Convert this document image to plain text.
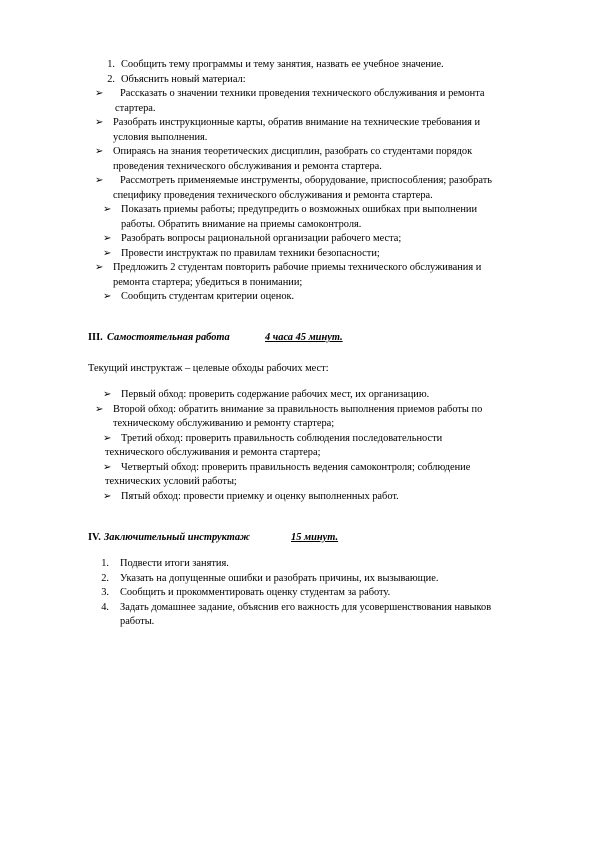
1. Сообщить тему программы и тему занятия, назвать ее учебное значение.
2. Объяснить новый материал:
➢	Рассказать о значении техники проведения технического обслуживания и ремонта
стартера.
➢ Разобрать инструкционные карты, обратив внимание на технические требования и
условия выполнения.
➢ Опираясь на знания теоретических дисциплин, разобрать со студентами порядок
проведения технического обслуживания и ремонта стартера.
➢	Рассмотреть применяемые инструменты, оборудование, приспособления; разобрать
специфику проведения технического обслуживания и ремонта стартера.
➢ Показать приемы работы; предупредить о возможных ошибках при выполнении
работы. Обратить внимание на приемы самоконтроля.
➢ Разобрать вопросы рациональной организации рабочего места;
➢ Провести инструктаж по правилам техники безопасности;
➢ Предложить 2 студентам повторить рабочие приемы технического обслуживания и
ремонта стартера; убедиться в понимании;
➢ Сообщить студентам критерии оценок.
III. Самостоятельная работа	4 часа 45 минут.
Текущий инструктаж – целевые обходы рабочих мест:
➢ Первый обход: проверить содержание рабочих мест, их организацию.
➢ Второй обход: обратить внимание за правильность выполнения приемов работы по
техническому обслуживанию и ремонту стартера;
➢ Третий обход: проверить правильность соблюдения последовательности
технического обслуживания и ремонта стартера;
➢ Четвертый обход: проверить правильность ведения самоконтроля; соблюдение
технических условий работы;
➢ Пятый обход: провести приемку и оценку выполненных работ.
IV. Заключительный инструктаж	15 минут.
1. Подвести итоги занятия.
2. Указать на допущенные ошибки и разобрать причины, их вызывающие.
3. Сообщить и прокомментировать оценку студентам за работу.
4. Задать домашнее задание, объяснив его важность для усовершенствования навыков
работы.
